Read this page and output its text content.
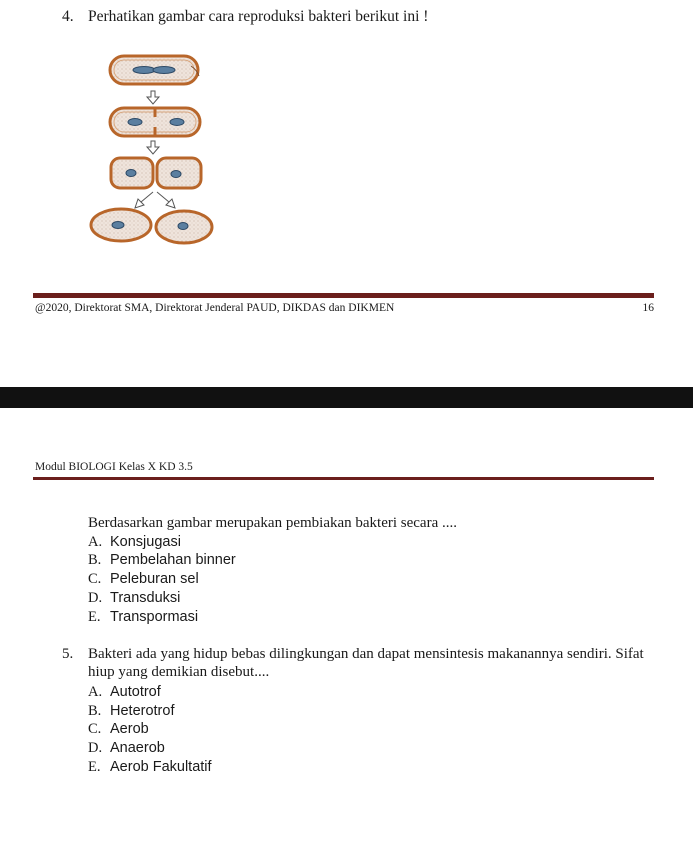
4. Perhatikan gambar cara reproduksi bakteri berikut ini !
@2020, Direktorat SMA, Direktorat Jenderal PAUD, DIKDAS dan DIKMEN	16
Modul BIOLOGI Kelas X KD 3.5
Berdasarkan gambar merupakan pembiakan bakteri secara ....
A. Konsjugasi
B. Pembelahan binner
C. Peleburan sel
D. Transduksi
E. Transpormasi
5. Bakteri ada yang hidup bebas dilingkungan dan dapat mensintesis makanannya sendiri. Sifat hiup yang demikian disebut....
A. Autotrof
B. Heterotrof
C. Aerob
D. Anaerob
E. Aerob Fakultatif
